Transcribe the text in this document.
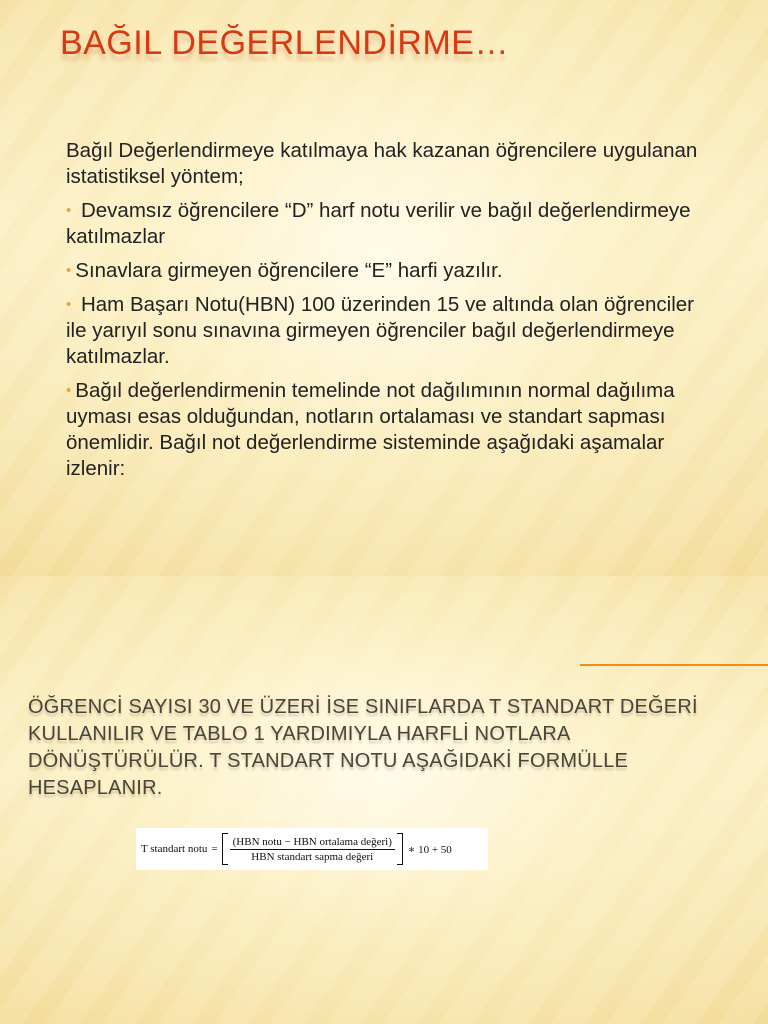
BAĞIL DEĞERLENDİRME…

Bağıl Değerlendirmeye katılmaya hak kazanan öğrencilere uygulanan istatistiksel yöntem;

• Devamsız öğrencilere “D” harf notu verilir ve bağıl değerlendirmeye katılmazlar

• Sınavlara girmeyen öğrencilere “E” harfi yazılır.

• Ham Başarı Notu(HBN) 100 üzerinden 15 ve altında olan öğrenciler ile yarıyıl sonu sınavına girmeyen öğrenciler bağıl değerlendirmeye katılmazlar.

• Bağıl değerlendirmenin temelinde not dağılımının normal dağılıma uyması esas olduğundan, notların ortalaması ve standart sapması önemlidir. Bağıl not değerlendirme sisteminde aşağıdaki aşamalar izlenir:

ÖĞRENCİ SAYISI 30 VE ÜZERİ İSE SINIFLARDA T STANDART DEĞERİ KULLANILIR VE TABLO 1 YARDIMIYLA HARFLİ NOTLARA DÖNÜŞTÜRÜLÜR. T STANDART NOTU AŞAĞIDAKİ FORMÜLLE HESAPLANIR.
T standart notu = $\frac{\text{(HBN notu − HBN ortalama değeri)}}{\text{HBN standart sapma değeri}}$ ∗ 10 + 50
